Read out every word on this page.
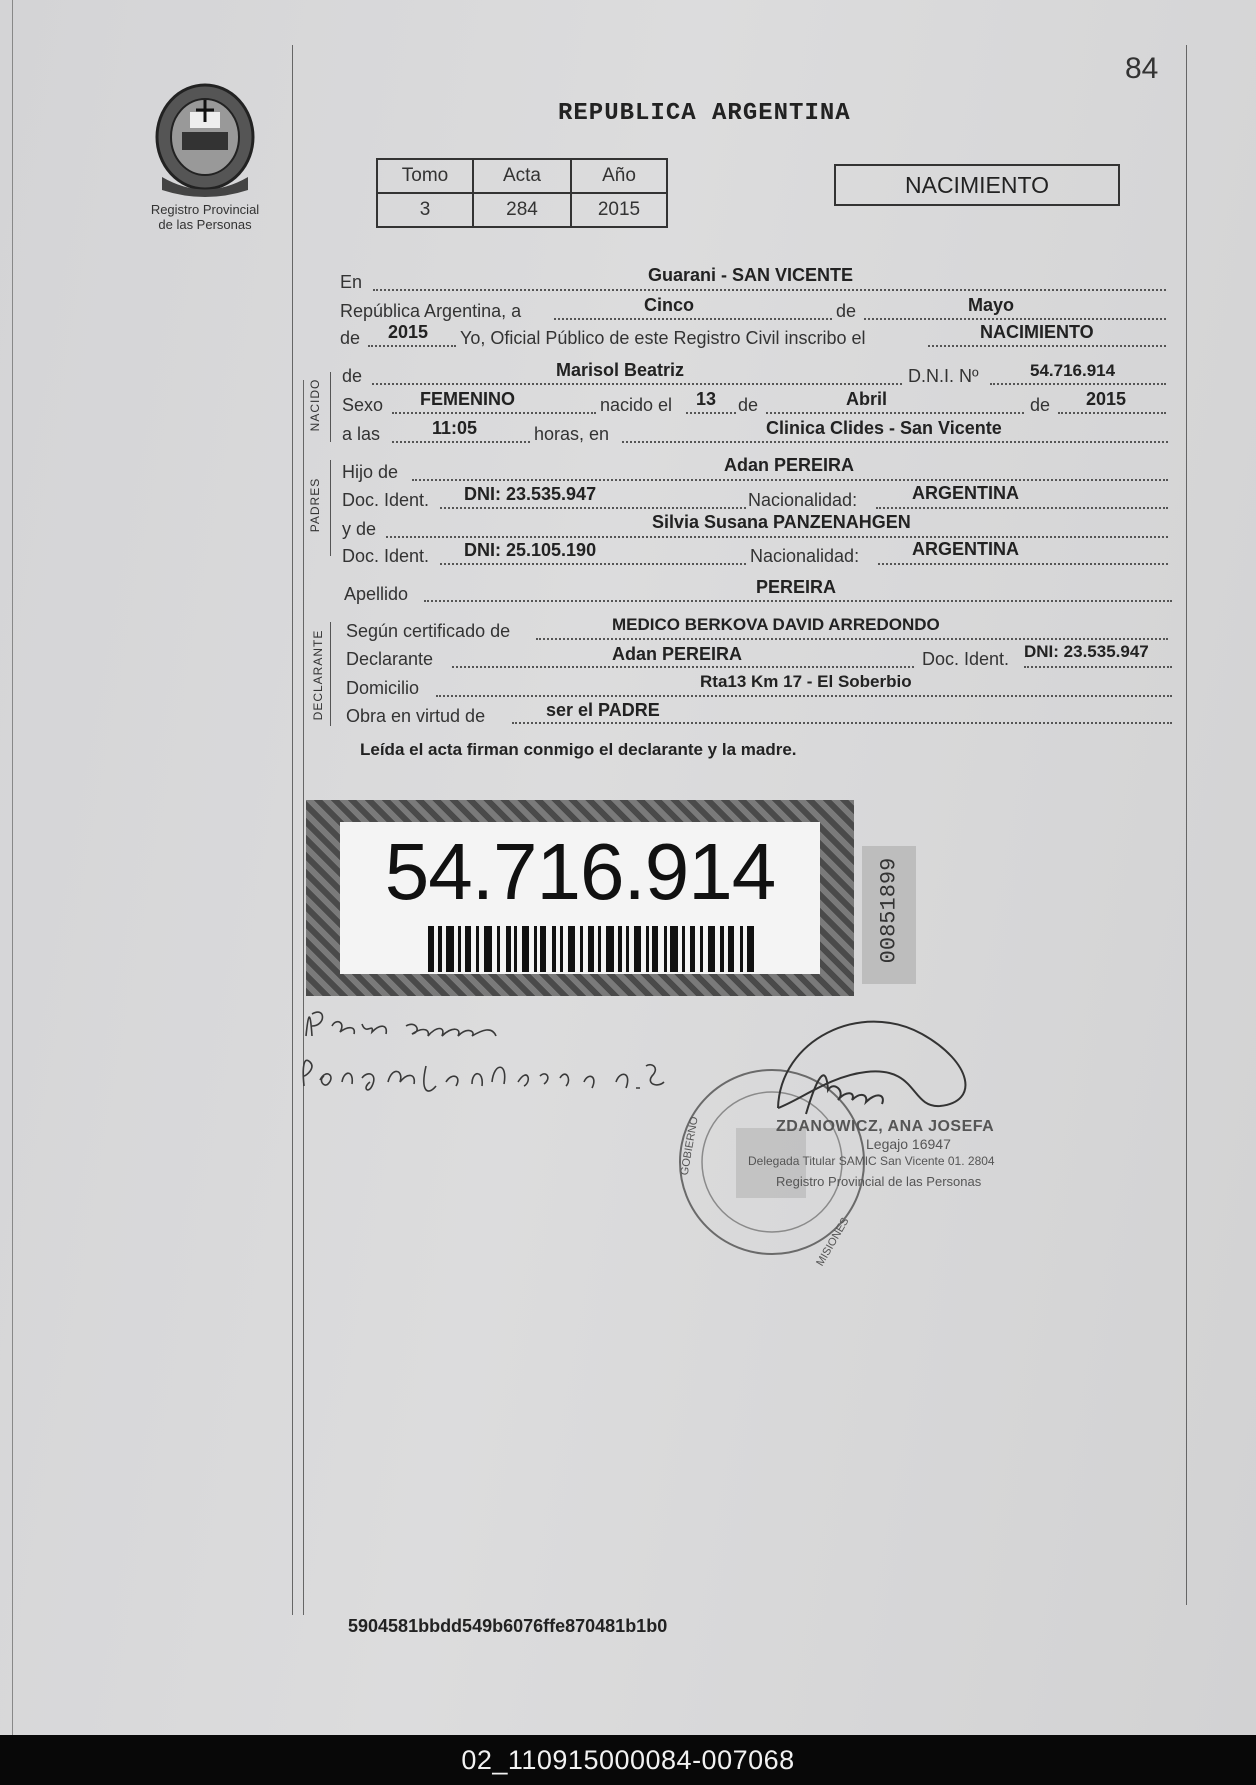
84
REPUBLICA ARGENTINA
Registro Provincial
de las Personas
Tomo	Acta	Año
3	284	2015
NACIMIENTO
En	Guarani - SAN VICENTE
República Argentina, a	Cinco	de	Mayo
de 2015 Yo, Oficial Público de este Registro Civil inscribo el	NACIMIENTO
NACIDO
de	Marisol Beatriz	D.N.I. Nº	54.716.914
Sexo FEMENINO	nacido el 13 de	Abril	de 2015
a las	11:05	horas, en	Clinica Clides - San Vicente
PADRES
Hijo de	Adan PEREIRA
Doc. Ident. DNI: 23.535.947	Nacionalidad:	ARGENTINA
y de	Silvia Susana PANZENAHGEN
Doc. Ident. DNI: 25.105.190	Nacionalidad:	ARGENTINA
Apellido	PEREIRA
DECLARANTE Según certificado de	MEDICO BERKOVA DAVID ARREDONDO
Declarante	Adan PEREIRA	Doc. Ident. DNI: 23.535.947
Domicilio	Rta13 Km 17 - El Soberbio
Obra en virtud de	ser el PADRE
Leída el acta firman conmigo el declarante y la madre.
54.716.914	00851899
ZDANOWICZ, ANA JOSEFA
Legajo 16947
Delegada Titular SAMIC San Vicente 01. 2804
Registro Provincial de las Personas
GOBIERNO
MISIONES
5904581bbdd549b6076ffe870481b1b0
02_110915000084-007068
